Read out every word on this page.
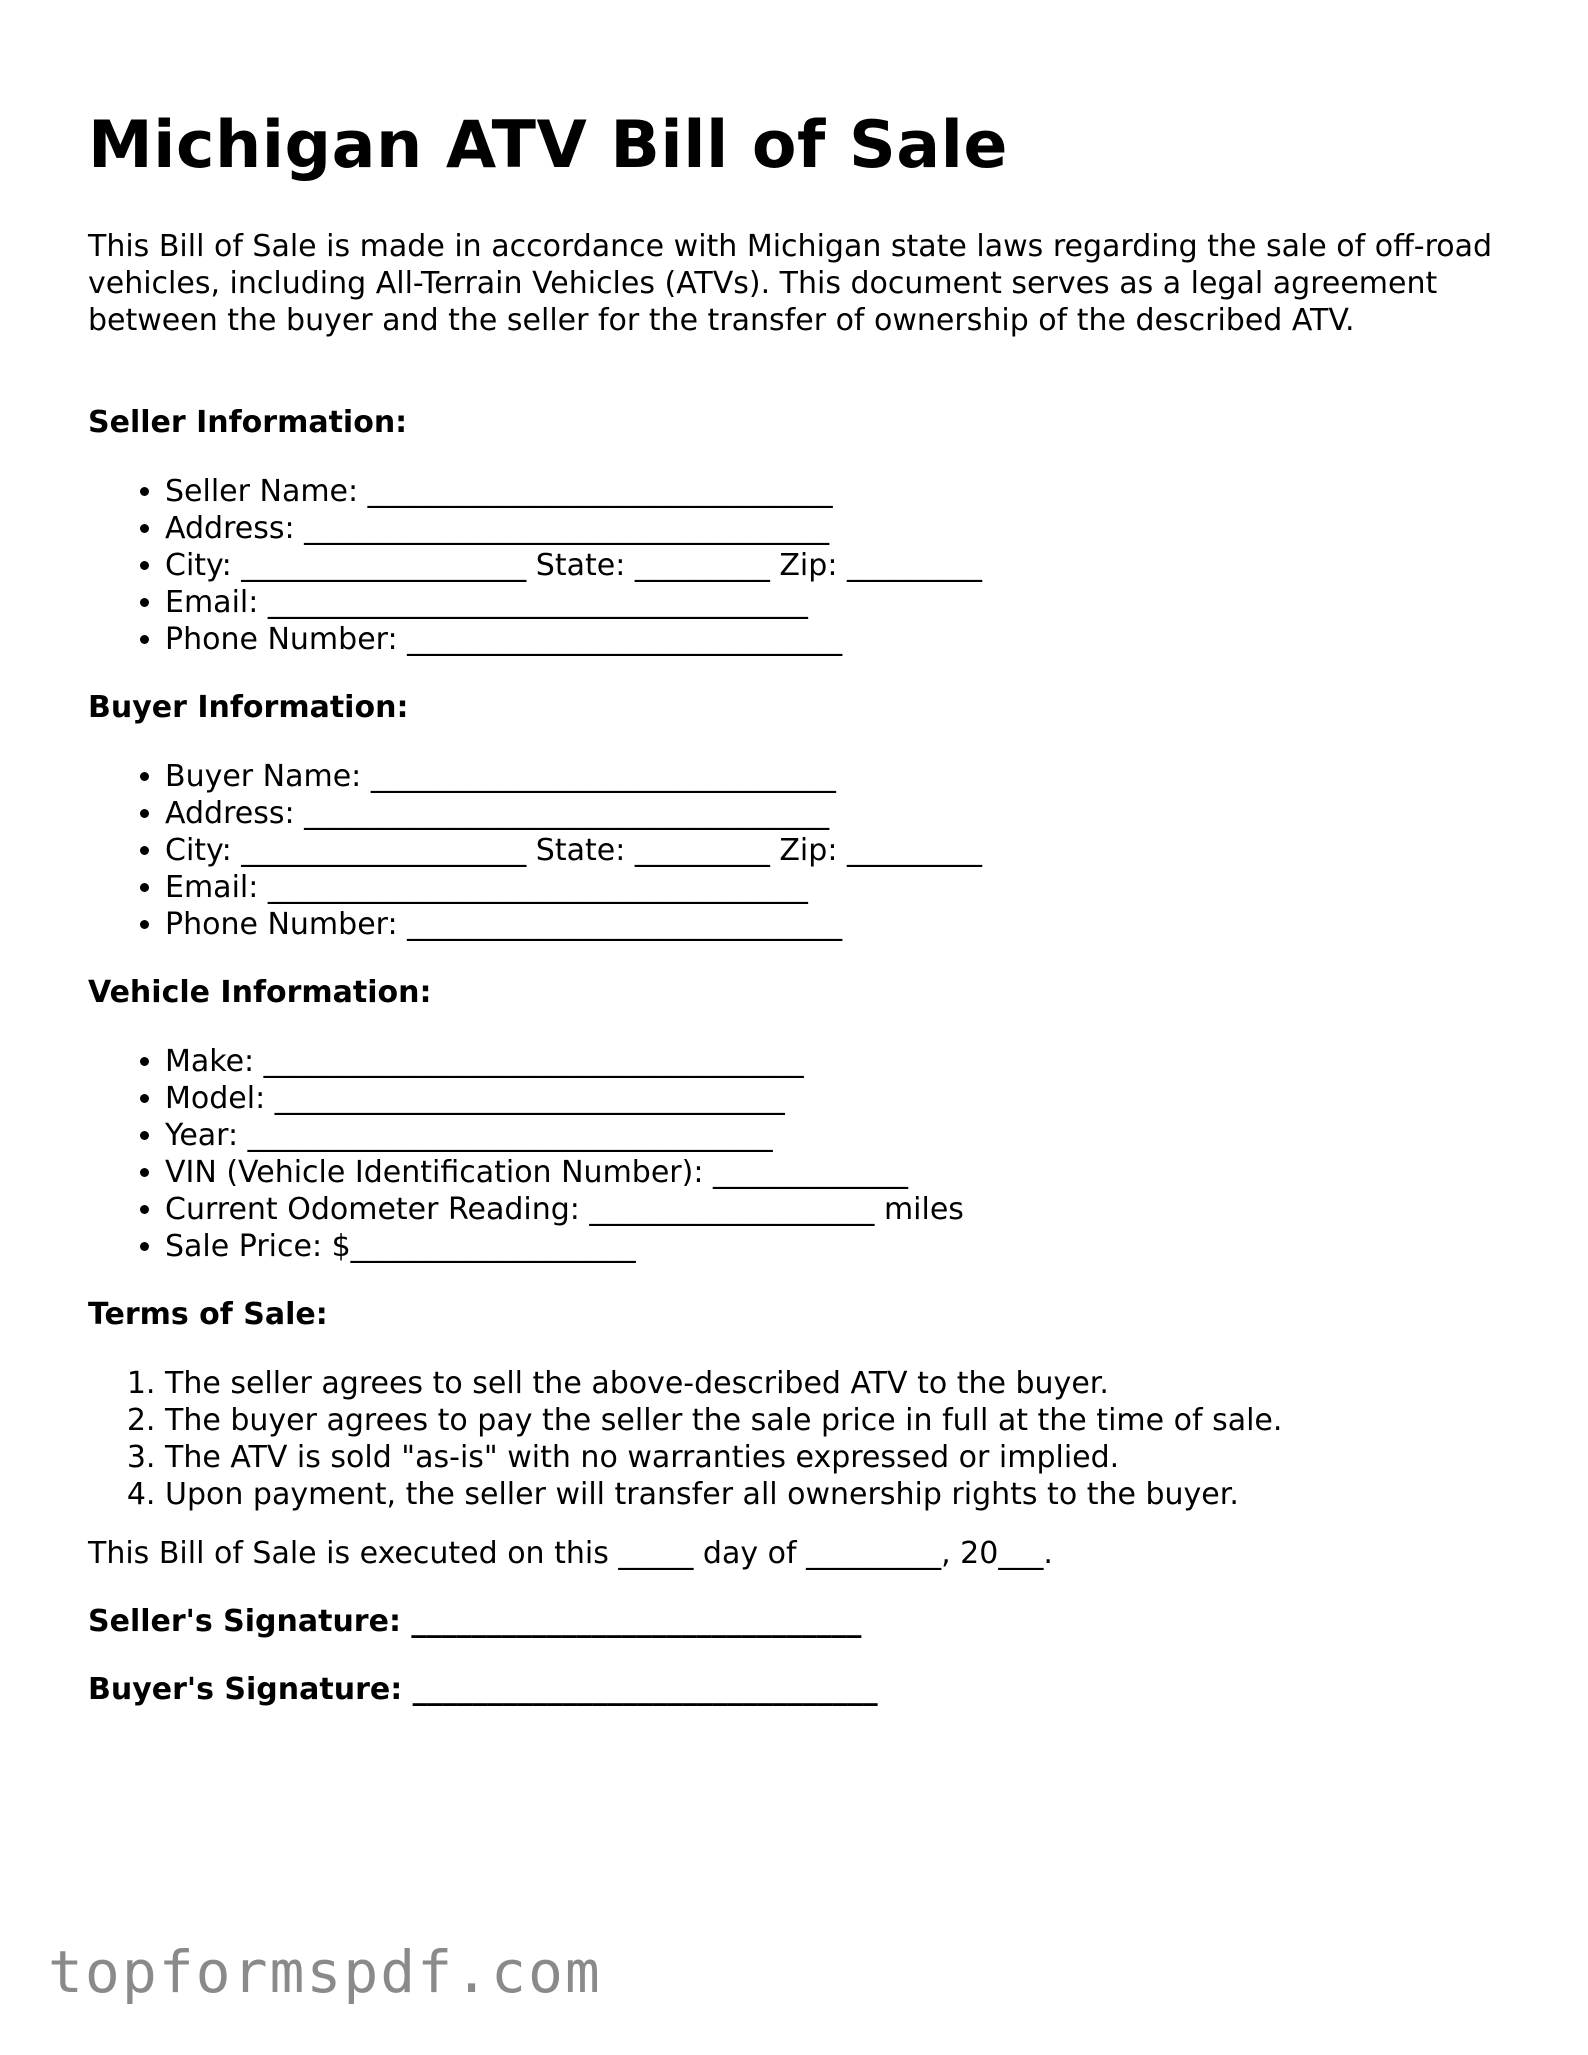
Michigan ATV Bill of Sale

This Bill of Sale is made in accordance with Michigan state laws regarding the sale of off-road vehicles, including All-Terrain Vehicles (ATVs). This document serves as a legal agreement between the buyer and the seller for the transfer of ownership of the described ATV.

Seller Information:

• Seller Name: _______________________________
• Address: ___________________________________
• City: ___________________ State: _________ Zip: _________
• Email: ____________________________________
• Phone Number: _____________________________

Buyer Information:

• Buyer Name: _______________________________
• Address: ___________________________________
• City: ___________________ State: _________ Zip: _________
• Email: ____________________________________
• Phone Number: _____________________________

Vehicle Information:

• Make: ____________________________________
• Model: __________________________________
• Year: ___________________________________
• VIN (Vehicle Identification Number): _____________
• Current Odometer Reading: ___________________ miles
• Sale Price: $___________________

Terms of Sale:

1. The seller agrees to sell the above-described ATV to the buyer.
2. The buyer agrees to pay the seller the sale price in full at the time of sale.
3. The ATV is sold "as-is" with no warranties expressed or implied.
4. Upon payment, the seller will transfer all ownership rights to the buyer.

This Bill of Sale is executed on this _____ day of _________, 20___.

Seller's Signature: ______________________________

Buyer's Signature: _______________________________

topformspdf.com
